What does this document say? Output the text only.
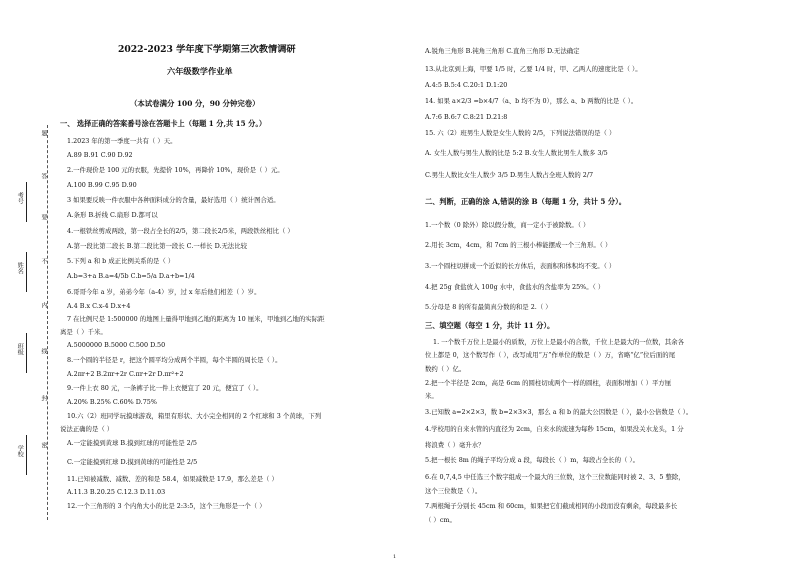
2022-2023 学年度下学期第三次教情调研
六年级数学作业单
（本试卷满分 100 分，90 分钟完卷）
题
答
要
不
内
线
封
密
考号
姓名
班级
学校
一、 选择正确的答案番号涂在答题卡上（每题 1 分,共 15 分。）
1.2023 年的第一季度一共有（ ）天。
A.89 B.91 C.90 D.92
2.一件现价是 100 元的衣服，先提价 10%，再降价 10%，现价是（ ）元。
A.100 B.99 C.95 D.90
3 如果要反映一件衣服中各种面料成分的含量，最好选用（ ）统计图合适。
A.条形 B.折线 C.扇形 D.都可以
4.一根铁丝剪成两段，第一段占全长的2/5，第二段长2/5米，两段铁丝相比（ ）
A.第一段比第二段长 B.第二段比第一段长 C.一样长 D.无法比较
5.下列 a 和 b 成正比例关系的是（ ）
A.b=3+a B.a=4/5b C.b=5/a D.a+b=1/4
6.哥哥今年 a 岁，弟弟今年（a-4）岁，过 x 年后他们相差（ ）岁。
A.4 B.x C.x-4 D.x+4
7 在比例尺是 1:500000 的地图上量得甲地到乙地的距离为 10 厘米，甲地到乙地的实际距
离是（ ）千米。
A.5000000 B.5000 C.500 D.50
8.一个圆的半径是 r，把这个圆平均分成两个半圆，每个半圆的周长是（ ）。
A.2πr+2 B.2πr+2r C.πr+2r D.πr²+2
9.一件上衣 80 元，一条裤子比一件上衣便宜了 20 元，便宜了（ ）。
A.20% B.25% C.60% D.75%
10.六（2）班同学玩摸球游戏，箱里有形状、大小完全相同的 2 个红球和 3 个黄球，下列
说法正确的是（ ）
A.一定能摸到黄球 B.摸到红球的可能性是 2/5
C.一定能摸到红球 D.摸到黄球的可能性是 2/5
11.已知被减数、减数、差的和是 58.4，如果减数是 17.9，那么差是（ ）
A.11.3 B.20.25 C.12.3 D.11.03
12.一个三角形的 3 个内角大小的比是 2:3:5，这个三角形是一个（ ）
A.锐角三角形 B.钝角三角形 C.直角三角形 D.无法确定
13.从北京到上海，甲要 1/5 时，乙要 1/4 时，甲、乙两人的速度比是（ ）。
A.4:5 B.5:4 C.20:1 D.1:20
14. 如果 a×2/3 =b×4/7（a、b 均不为 0），那么 a、b 两数的比是（ ）。
A.7:6 B.6:7 C.8:21 D.21:8
15. 六（2）班男生人数是女生人数的 2/5，下列说法错误的是（ ）
A. 女生人数与男生人数的比是 5:2 B.女生人数比男生人数多 3/5
C.男生人数比女生人数少 3/5 D.男生人数占全班人数的 2/7
二、判断，正确的涂 A,错误的涂 B（每题 1 分，共计 5 分）。
1.一个数（0 除外）除以假分数，商一定小于被除数。（ ）
2.用长 3cm，4cm，和 7cm 的三根小棒能摆成一个三角形。（ ）
3.一个圆柱切拼成一个近似的长方体后，表面积和体积均不变。（ ）
4.把 25g 食盐放入 100g 水中，食盐水的含盐率为 25%。（ ）
5.分母是 8 的所有最简真分数的和是 2.（ ）
三、填空题（每空 1 分，共计 11 分）。
1. 一个数千万位上是最小的质数，万位上是最小的合数，千位上是最大的一位数，其余各
位上都是 0，这个数写作（ ），改写成用“万”作单位的数是（ ）万，省略“亿”位后面的尾
数约（ ）亿。
2.把一个半径是 2cm，高是 6cm 的圆柱切成两个一样的圆柱，表面积增加（ ）平方厘
米。
3.已知数 a=2×2×3，数 b=2×3×3，那么 a 和 b 的最大公因数是（ ），最小公倍数是（ ）。
4.学校用的自来水管的内直径为 2cm，自来水的流速为每秒 15cm，如果没关水龙头，1 分
将浪费（ ）毫升水？
5.把一根长 8m 的绳子平均分成 a 段，每段长（ ）m，每段占全长的（ ）。
6.在 0,7,4,5 中任选三个数字组成一个最大的三位数，这个三位数能同时被 2、3、5 整除，
这个三位数是（ ）。
7.两根绳子分别长 45cm 和 60cm，如果把它们截成相同的小段而没有剩余，每段最多长
（ ）cm。
1
